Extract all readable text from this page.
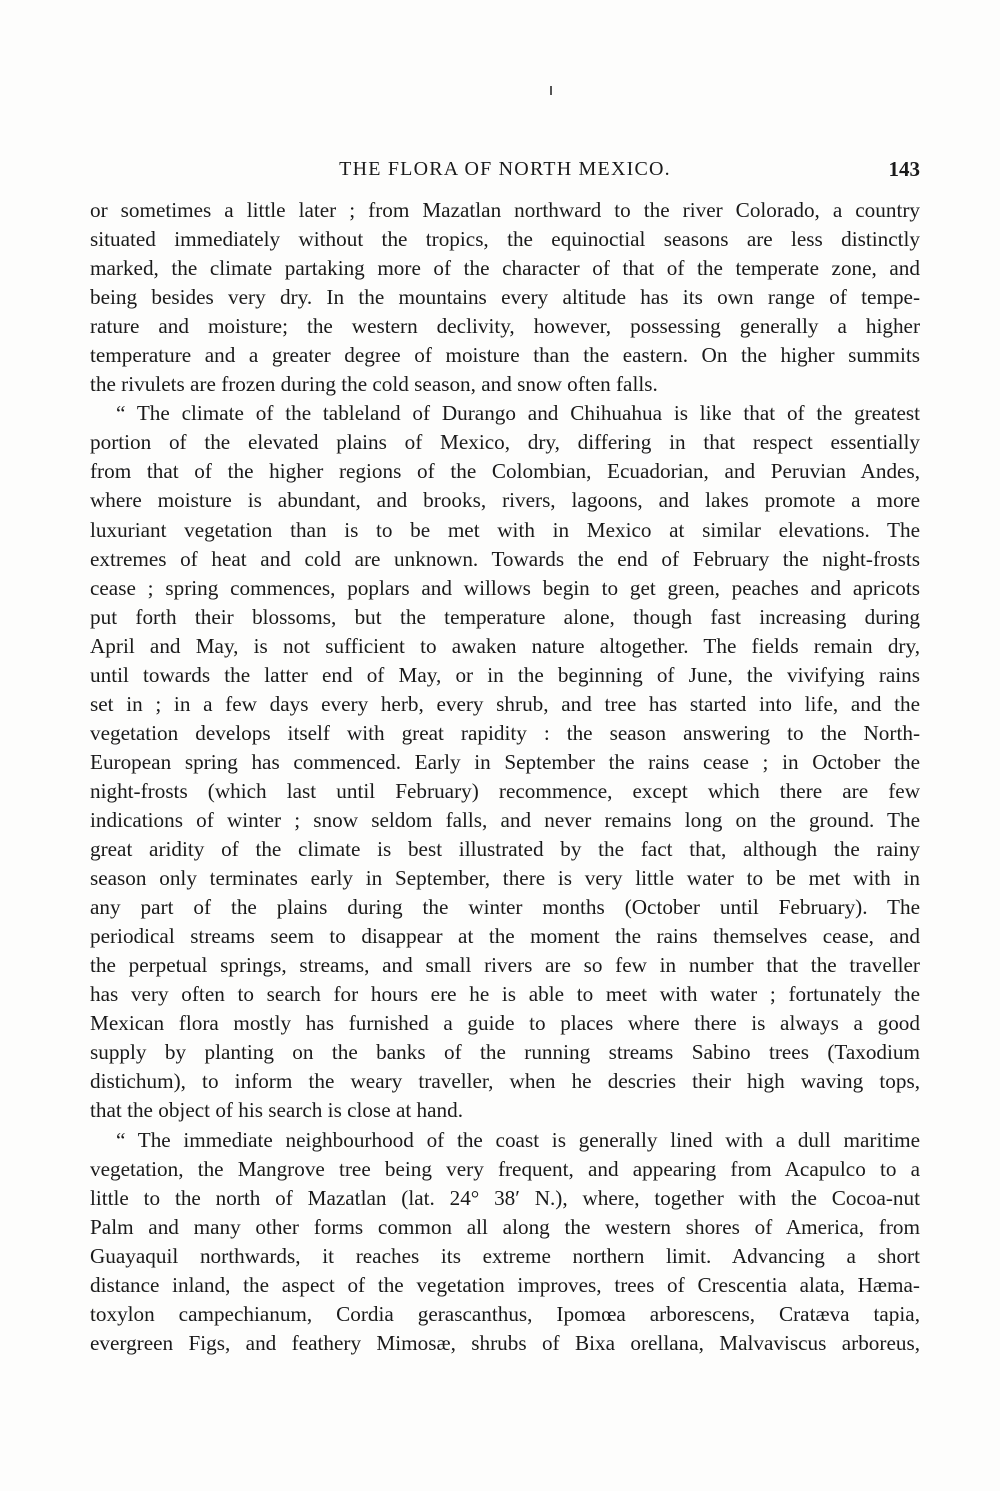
THE FLORA OF NORTH MEXICO.	143
or sometimes a little later ; from Mazatlan northward to the river Colorado, a country
situated immediately without the tropics, the equinoctial seasons are less distinctly
marked, the climate partaking more of the character of that of the temperate zone, and
being besides very dry. In the mountains every altitude has its own range of tempe-
rature and moisture; the western declivity, however, possessing generally a higher
temperature and a greater degree of moisture than the eastern. On the higher summits
the rivulets are frozen during the cold season, and snow often falls.
“ The climate of the tableland of Durango and Chihuahua is like that of the greatest
portion of the elevated plains of Mexico, dry, differing in that respect essentially
from that of the higher regions of the Colombian, Ecuadorian, and Peruvian Andes,
where moisture is abundant, and brooks, rivers, lagoons, and lakes promote a more
luxuriant vegetation than is to be met with in Mexico at similar elevations. The
extremes of heat and cold are unknown. Towards the end of February the night-frosts
cease ; spring commences, poplars and willows begin to get green, peaches and apricots
put forth their blossoms, but the temperature alone, though fast increasing during
April and May, is not sufficient to awaken nature altogether. The fields remain dry,
until towards the latter end of May, or in the beginning of June, the vivifying rains
set in ; in a few days every herb, every shrub, and tree has started into life, and the
vegetation develops itself with great rapidity : the season answering to the North-
European spring has commenced. Early in September the rains cease ; in October the
night-frosts (which last until February) recommence, except which there are few
indications of winter ; snow seldom falls, and never remains long on the ground. The
great aridity of the climate is best illustrated by the fact that, although the rainy
season only terminates early in September, there is very little water to be met with in
any part of the plains during the winter months (October until February). The
periodical streams seem to disappear at the moment the rains themselves cease, and
the perpetual springs, streams, and small rivers are so few in number that the traveller
has very often to search for hours ere he is able to meet with water ; fortunately the
Mexican flora mostly has furnished a guide to places where there is always a good
supply by planting on the banks of the running streams Sabino trees (Taxodium
distichum), to inform the weary traveller, when he descries their high waving tops,
that the object of his search is close at hand.
“ The immediate neighbourhood of the coast is generally lined with a dull maritime
vegetation, the Mangrove tree being very frequent, and appearing from Acapulco to a
little to the north of Mazatlan (lat. 24° 38′ N.), where, together with the Cocoa-nut
Palm and many other forms common all along the western shores of America, from
Guayaquil northwards, it reaches its extreme northern limit. Advancing a short
distance inland, the aspect of the vegetation improves, trees of Crescentia alata, Hæma-
toxylon campechianum, Cordia gerascanthus, Ipomœa arborescens, Cratæva tapia,
evergreen Figs, and feathery Mimosæ, shrubs of Bixa orellana, Malvaviscus arboreus,
